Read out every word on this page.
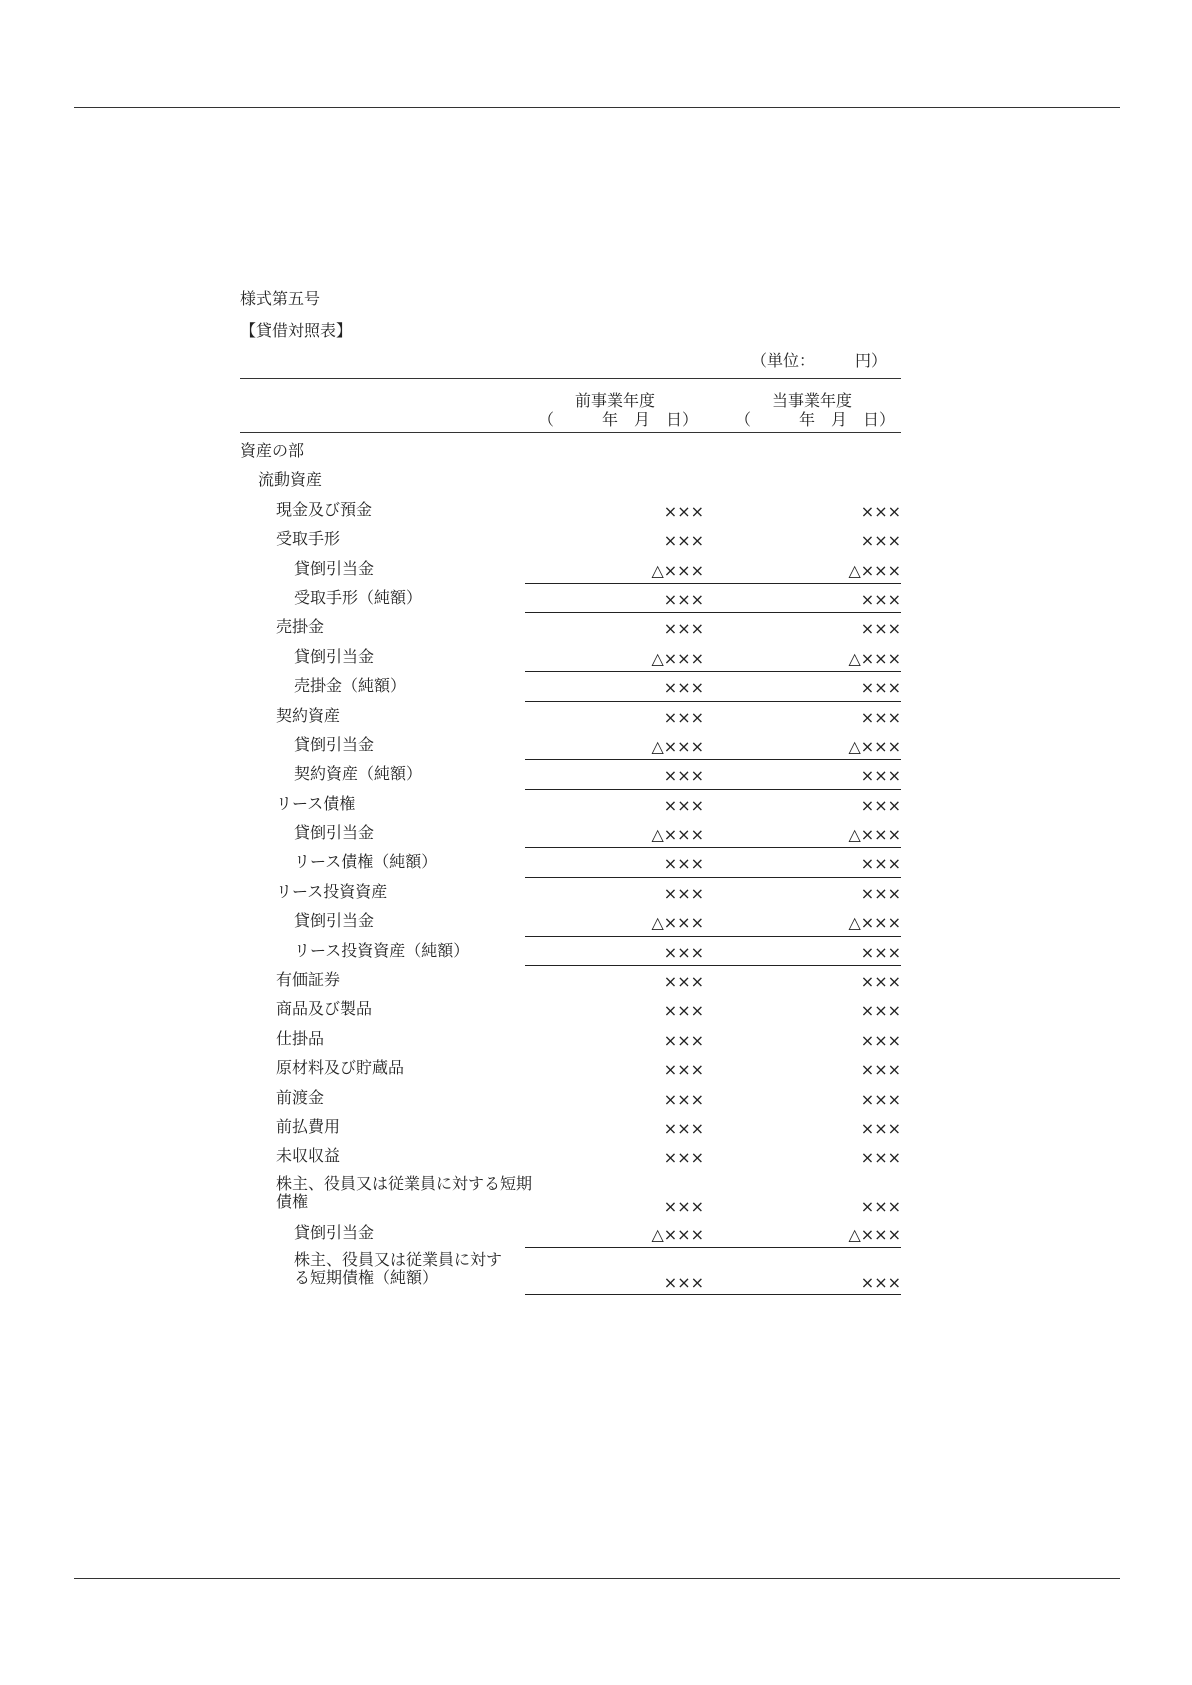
様式第五号
【貸借対照表】
（単位：　　　円）
前事業年度
（　　　年　月　日）
当事業年度
（　　　年　月　日）
資産の部
流動資産
現金及び預金	×××	×××
受取手形	×××	×××
貸倒引当金	△×××	△×××
受取手形（純額）	×××	×××
売掛金	×××	×××
貸倒引当金	△×××	△×××
売掛金（純額）	×××	×××
契約資産	×××	×××
貸倒引当金	△×××	△×××
契約資産（純額）	×××	×××
リース債権	×××	×××
貸倒引当金	△×××	△×××
リース債権（純額）	×××	×××
リース投資資産	×××	×××
貸倒引当金	△×××	△×××
リース投資資産（純額）	×××	×××
有価証券	×××	×××
商品及び製品	×××	×××
仕掛品	×××	×××
原材料及び貯蔵品	×××	×××
前渡金	×××	×××
前払費用	×××	×××
未収収益	×××	×××
株主、役員又は従業員に対する短期債権	×××	×××
貸倒引当金	△×××	△×××
株主、役員又は従業員に対する短期債権（純額）	×××	×××
